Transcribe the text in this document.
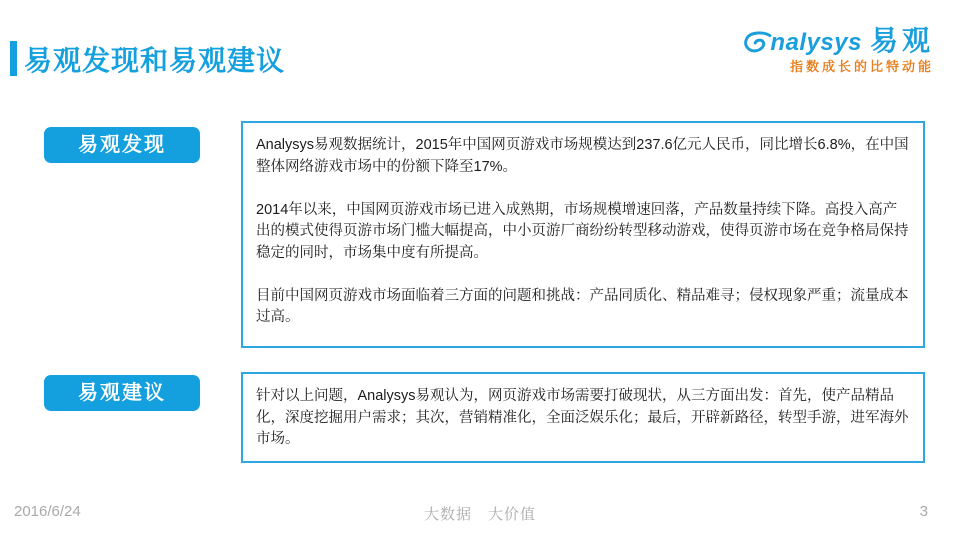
易观发现和易观建议
nalysys 易观
指数成长的比特动能
易观发现	Analysys易观数据统计，2015年中国网页游戏市场规模达到237.6亿元人民币，同比增长6.8%，在中国整体网络游戏市场中的份额下降至17%。

2014年以来，中国网页游戏市场已进入成熟期，市场规模增速回落，产品数量持续下降。高投入高产出的模式使得页游市场门槛大幅提高，中小页游厂商纷纷转型移动游戏，使得页游市场在竞争格局保持稳定的同时，市场集中度有所提高。

目前中国网页游戏市场面临着三方面的问题和挑战：产品同质化、精品难寻；侵权现象严重；流量成本过高。

易观建议	针对以上问题，Analysys易观认为，网页游戏市场需要打破现状，从三方面出发：首先，使产品精品化，深度挖掘用户需求；其次，营销精准化，全面泛娱乐化；最后，开辟新路径，转型手游，进军海外市场。

2016/6/24	大数据　大价值	3
